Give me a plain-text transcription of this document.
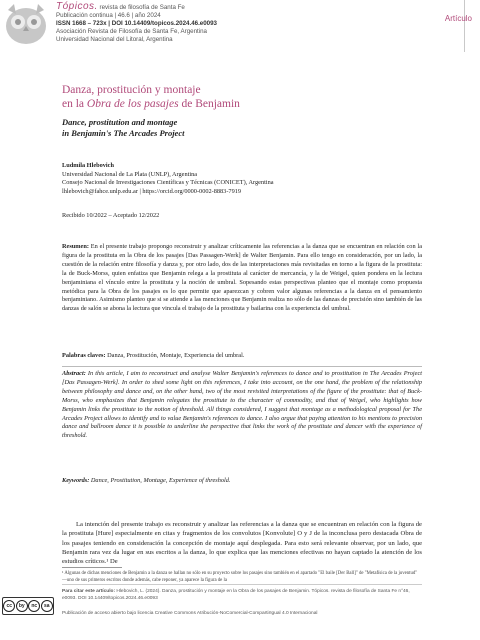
Tópicos. revista de filosofía de Santa Fe
Publicación continua | 46.6 | año 2024
ISSN 1668 – 723x | DOI 10.14409/topicos.2024.46.e0093
Asociación Revista de Filosofía de Santa Fe, Argentina
Universidad Nacional del Litoral, Argentina
Artículo
Danza, prostitución y montaje
en la Obra de los pasajes de Benjamin
Dance, prostitution and montage
in Benjamin's The Arcades Project
Ludmila Hlebovich
Universidad Nacional de La Plata (UNLP), Argentina
Consejo Nacional de Investigaciones Científicas y Técnicas (CONICET), Argentina
lhlebovich@fahce.unlp.edu.ar | https://orcid.org/0000-0002-8883-7919
Recibido 10/2022 – Aceptado 12/2022
Resumen: En el presente trabajo propongo reconstruir y analizar críticamente las referencias a la danza que se encuentran en relación con la figura de la prostituta en la Obra de los pasajes [Das Passagen-Werk] de Walter Benjamin. Para ello tengo en consideración, por un lado, la cuestión de la relación entre filosofía y danza y, por otro lado, dos de las interpretaciones más revisitadas en torno a la figura de la prostituta: la de Buck-Morss, quien enfatiza que Benjamin relega a la prostituta al carácter de mercancía, y la de Weigel, quien pondera en la lectura benjaminiana el vínculo entre la prostituta y la noción de umbral. Sopesando estas perspectivas planteo que el montaje como propuesta metódica para la Obra de los pasajes es lo que permite que aparezcan y cobren valor algunas referencias a la danza en el pensamiento benjaminiano. Asimismo planteo que si se atiende a las menciones que Benjamin realiza no sólo de las danzas de precisión sino también de las danzas de salón se abona la lectura que vincula el trabajo de la prostituta y bailarina con la experiencia del umbral.
Palabras claves: Danza, Prostitución, Montaje, Experiencia del umbral.
Abstract: In this article, I aim to reconstruct and analyse Walter Benjamin's references to dance and to prostitution in The Arcades Project [Das Passagen-Werk]. In order to shed some light on this references, I take into account, on the one hand, the problem of the relationship between philosophy and dance and, on the other hand, two of the most revisited interpretations of the figure of the prostitute: that of Buck-Morss, who emphasizes that Benjamin relegates the prostitute to the character of commodity, and that of Weigel, who highlights how Benjamin links the prostitute to the notion of threshold. All things considered, I suggest that montage as a methodological proposal for The Arcades Project allows to identify and to value Benjamin's references to dance. I also argue that paying attention to his mentions to precision dance and ballroom dance it is possible to underline the perspective that links the work of the prostitute and dancer with the experience of threshold.
Keywords: Dance, Prostitution, Montage, Experience of threshold.
La intención del presente trabajo es reconstruir y analizar las referencias a la danza que se encuentran en relación con la figura de la prostituta [Hure] especialmente en citas y fragmentos de los convolutos [Konvolute] O y J de la inconclusa pero destacada Obra de los pasajes teniendo en consideración la concepción de montaje aquí desplegada. Para esto será relevante observar, por un lado, que Benjamin rara vez da lugar en sus escritos a la danza, lo que explica que las menciones efectivas no hayan captado la atención de los estudios críticos.¹ De
¹ Algunas de dichas menciones de Benjamin a la danza se hallan no sólo en su proyecto sobre los pasajes sino también en el apartado "El baile [Der Ball]" de "Metafísica de la juventud" —uno de sus primeros escritos donde además, cabe reponer, ya aparece la figura de la
Para citar este artículo: Hlebovich, L. (2024). Danza, prostitución y montaje en la Obra de los pasajes de Benjamin. Tópicos. revista de filosofía de Santa Fe n°46, e0093. DOI 10.14409/topicos.2024.46.e0093
cc	by	nc	sa
Publicación de acceso abierto bajo licencia Creative Commons Atribución-NoComercial-CompartirIgual 4.0 Internacional
